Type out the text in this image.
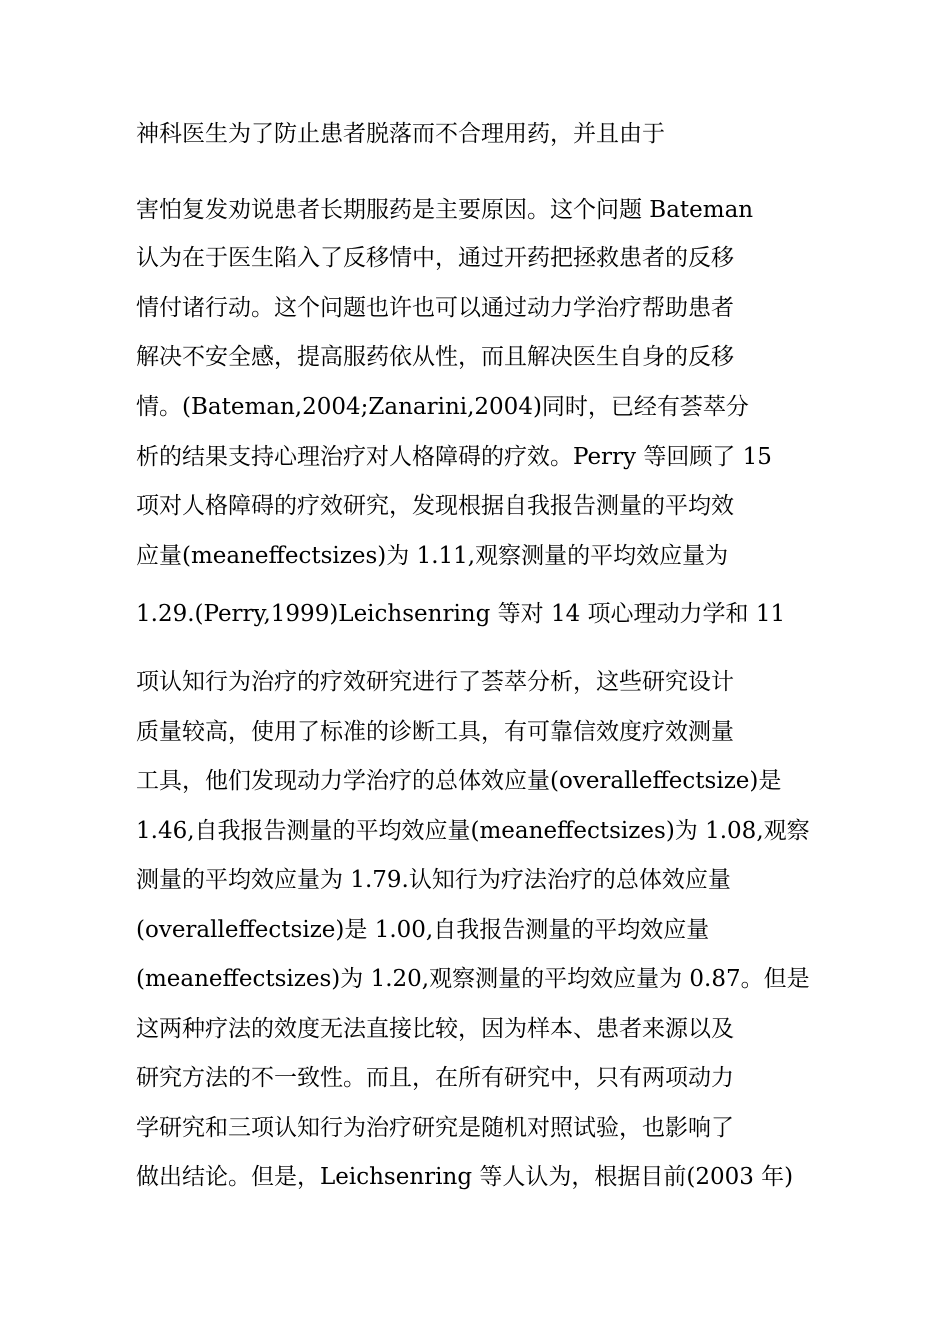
神科医生为了防止患者脱落而不合理用药，并且由于

害怕复发劝说患者长期服药是主要原因。这个问题 Bateman

认为在于医生陷入了反移情中，通过开药把拯救患者的反移

情付诸行动。这个问题也许也可以通过动力学治疗帮助患者

解决不安全感，提高服药依从性，而且解决医生自身的反移

情。(Bateman,2004;Zanarini,2004)同时，已经有荟萃分

析的结果支持心理治疗对人格障碍的疗效。Perry 等回顾了 15

项对人格障碍的疗效研究，发现根据自我报告测量的平均效

应量(meaneffectsizes)为 1.11,观察测量的平均效应量为

1.29.(Perry,1999)Leichsenring 等对 14 项心理动力学和 11

项认知行为治疗的疗效研究进行了荟萃分析，这些研究设计

质量较高，使用了标准的诊断工具，有可靠信效度疗效测量

工具，他们发现动力学治疗的总体效应量(overalleffectsize)是

1.46,自我报告测量的平均效应量(meaneffectsizes)为 1.08,观察

测量的平均效应量为 1.79.认知行为疗法治疗的总体效应量

(overalleffectsize)是 1.00,自我报告测量的平均效应量

(meaneffectsizes)为 1.20,观察测量的平均效应量为 0.87。但是

这两种疗法的效度无法直接比较，因为样本、患者来源以及

研究方法的不一致性。而且，在所有研究中，只有两项动力

学研究和三项认知行为治疗研究是随机对照试验，也影响了

做出结论。但是，Leichsenring 等人认为，根据目前(2003 年)
